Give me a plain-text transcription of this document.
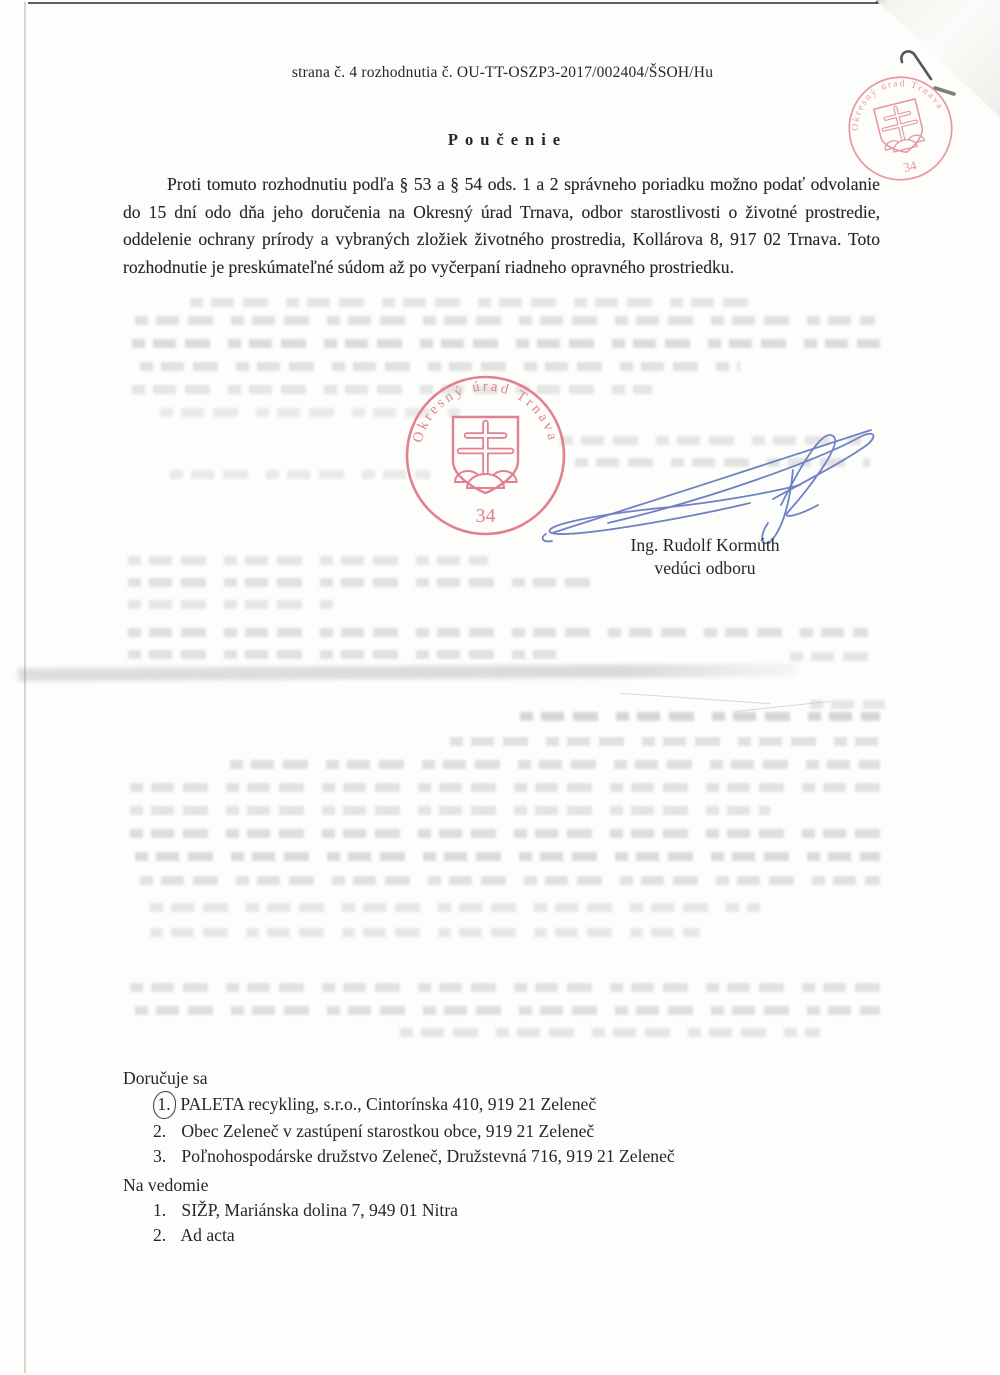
strana č. 4 rozhodnutia č. OU-TT-OSZP3-2017/002404/ŠSOH/Hu
Okresný úrad Trnava
34
Poučenie
Proti tomuto rozhodnutiu podľa § 53 a § 54 ods. 1 a 2 správneho poriadku možno podať odvolanie do 15 dní odo dňa jeho doručenia na Okresný úrad Trnava, odbor starostlivosti o životné prostredie, oddelenie ochrany prírody a vybraných zložiek životného prostredia, Kollárova 8, 917 02 Trnava. Toto rozhodnutie je preskúmateľné súdom až po vyčerpaní riadneho opravného prostriedku.
Okresný úrad Trnava
34
Ing. Rudolf Kormúth
vedúci odboru
Doručuje sa
1. PALETA recykling, s.r.o., Cintorínska 410, 919 21 Zeleneč
2. Obec Zeleneč v zastúpení starostkou obce, 919 21 Zeleneč
3. Poľnohospodárske družstvo Zeleneč, Družstevná 716, 919 21 Zeleneč
Na vedomie
1. SIŽP, Mariánska dolina 7, 949 01 Nitra
2. Ad acta
